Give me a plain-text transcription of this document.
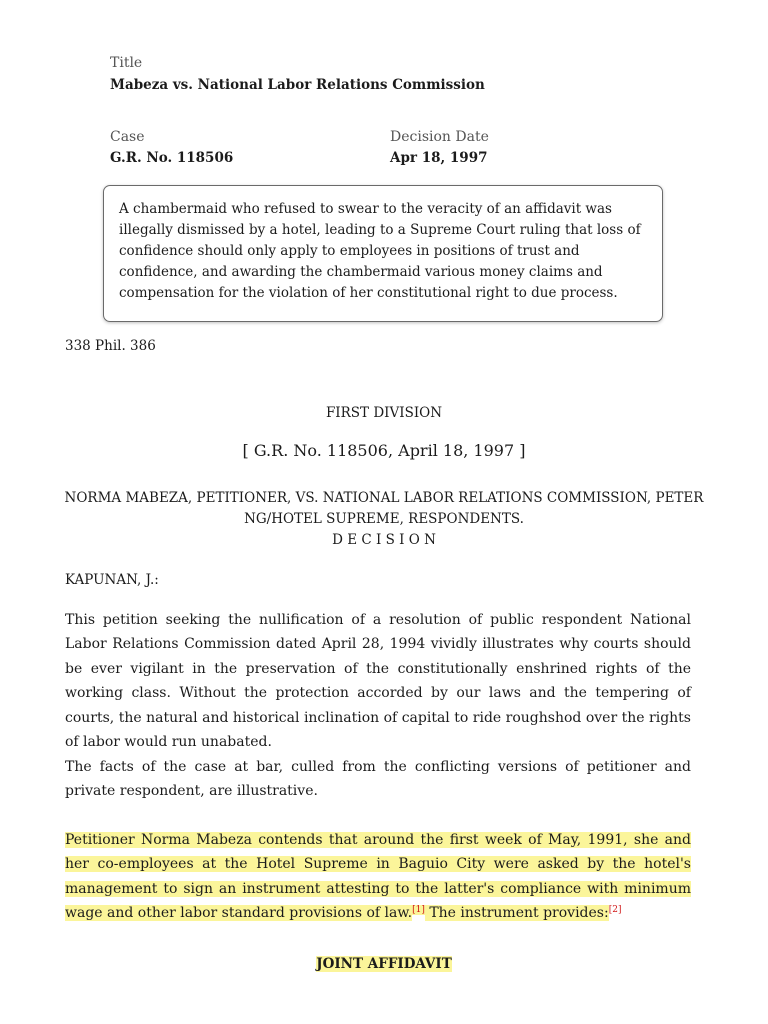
Title
Mabeza vs. National Labor Relations Commission
Case
G.R. No. 118506
Decision Date
Apr 18, 1997
A chambermaid who refused to swear to the veracity of an affidavit was illegally dismissed by a hotel, leading to a Supreme Court ruling that loss of confidence should only apply to employees in positions of trust and confidence, and awarding the chambermaid various money claims and compensation for the violation of her constitutional right to due process.
338 Phil. 386
FIRST DIVISION
[ G.R. No. 118506, April 18, 1997 ]
NORMA MABEZA, PETITIONER, VS. NATIONAL LABOR RELATIONS COMMISSION, PETER
NG/HOTEL SUPREME, RESPONDENTS.
D E C I S I O N
KAPUNAN, J.:
This petition seeking the nullification of a resolution of public respondent National Labor Relations Commission dated April 28, 1994 vividly illustrates why courts should be ever vigilant in the preservation of the constitutionally enshrined rights of the working class. Without the protection accorded by our laws and the tempering of courts, the natural and historical inclination of capital to ride roughshod over the rights of labor would run unabated.
The facts of the case at bar, culled from the conflicting versions of petitioner and private respondent, are illustrative.
Petitioner Norma Mabeza contends that around the first week of May, 1991, she and her co-employees at the Hotel Supreme in Baguio City were asked by the hotel's management to sign an instrument attesting to the latter's compliance with minimum wage and other labor standard provisions of law.[1] The instrument provides:[2]
JOINT AFFIDAVIT
